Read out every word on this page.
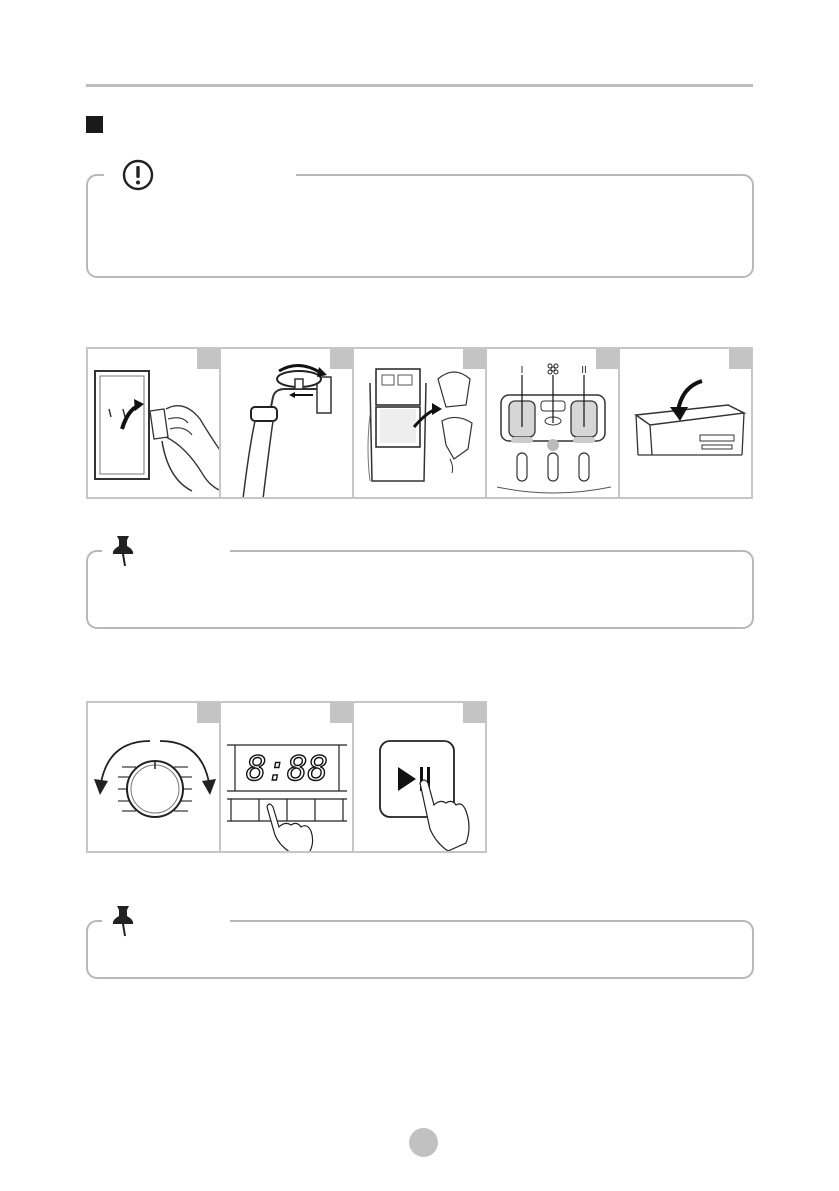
I	II
8:88
